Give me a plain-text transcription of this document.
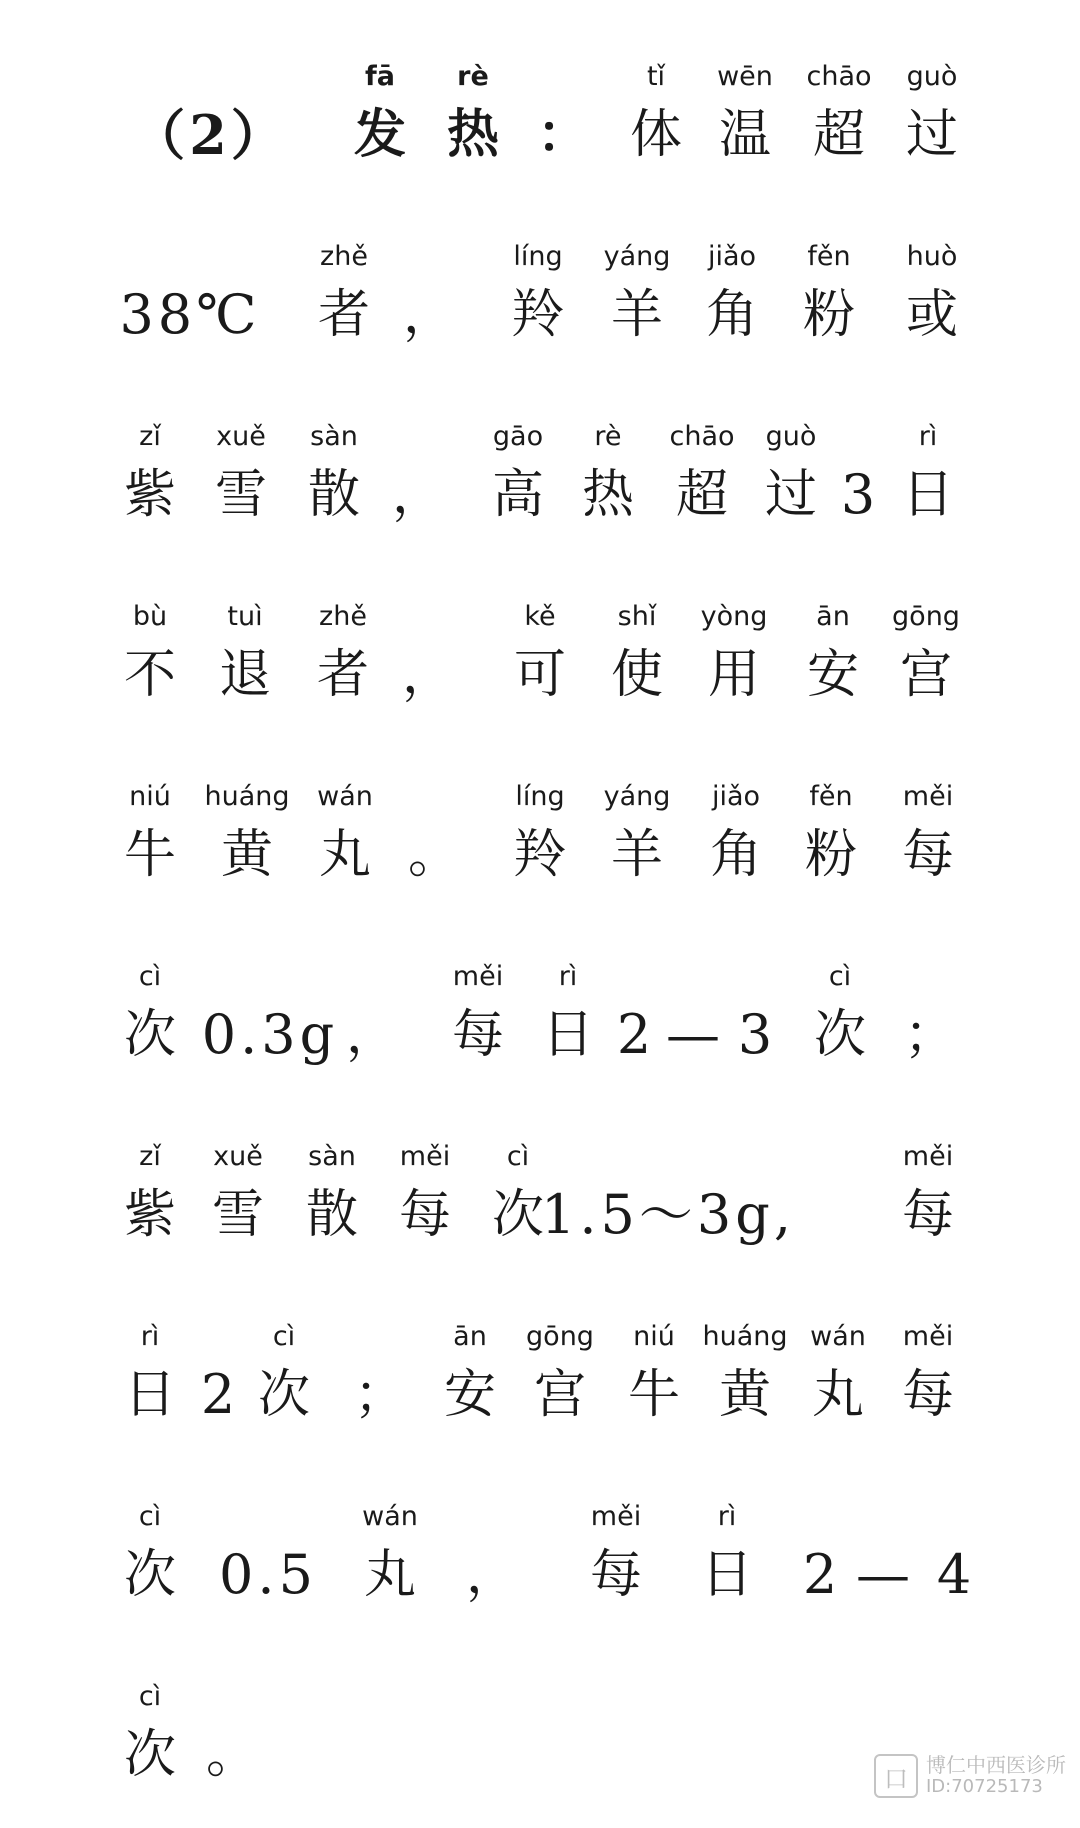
（2）
fā
发
rè
热 ：
tǐ
体
wēn
温
chāo
超
guò
过
38℃
zhě
者 ，
líng
羚
yáng
羊
jiǎo
角
fěn
粉
huò
或
zǐ
紫
xuě
雪
sàn
散 ，
gāo
高
rè
热
chāo
超
guò
过 3
rì
日
bù
不
tuì
退
zhě
者 ，
kě
可
shǐ
使
yòng
用
ān
安
gōng
宫
niú
牛
huáng
黄
wán
丸 。
líng
羚
yáng
羊
jiǎo
角
fěn
粉
měi
每
cì
次 0.3g ，
měi
每
rì
日 2 — 3
cì
次 ；
zǐ
紫
xuě
雪
sàn
散
měi
每
cì
次
1.5～3g,
měi
每
rì
日 2
cì
次 ；
ān
安
gōng
宫
niú
牛
huáng
黄
wán
丸
měi
每
cì
次 0.5
wán
丸 ，
měi
每
rì
日 2 — 4
cì
次 。	口 博仁中西医诊所
ID:70725173
